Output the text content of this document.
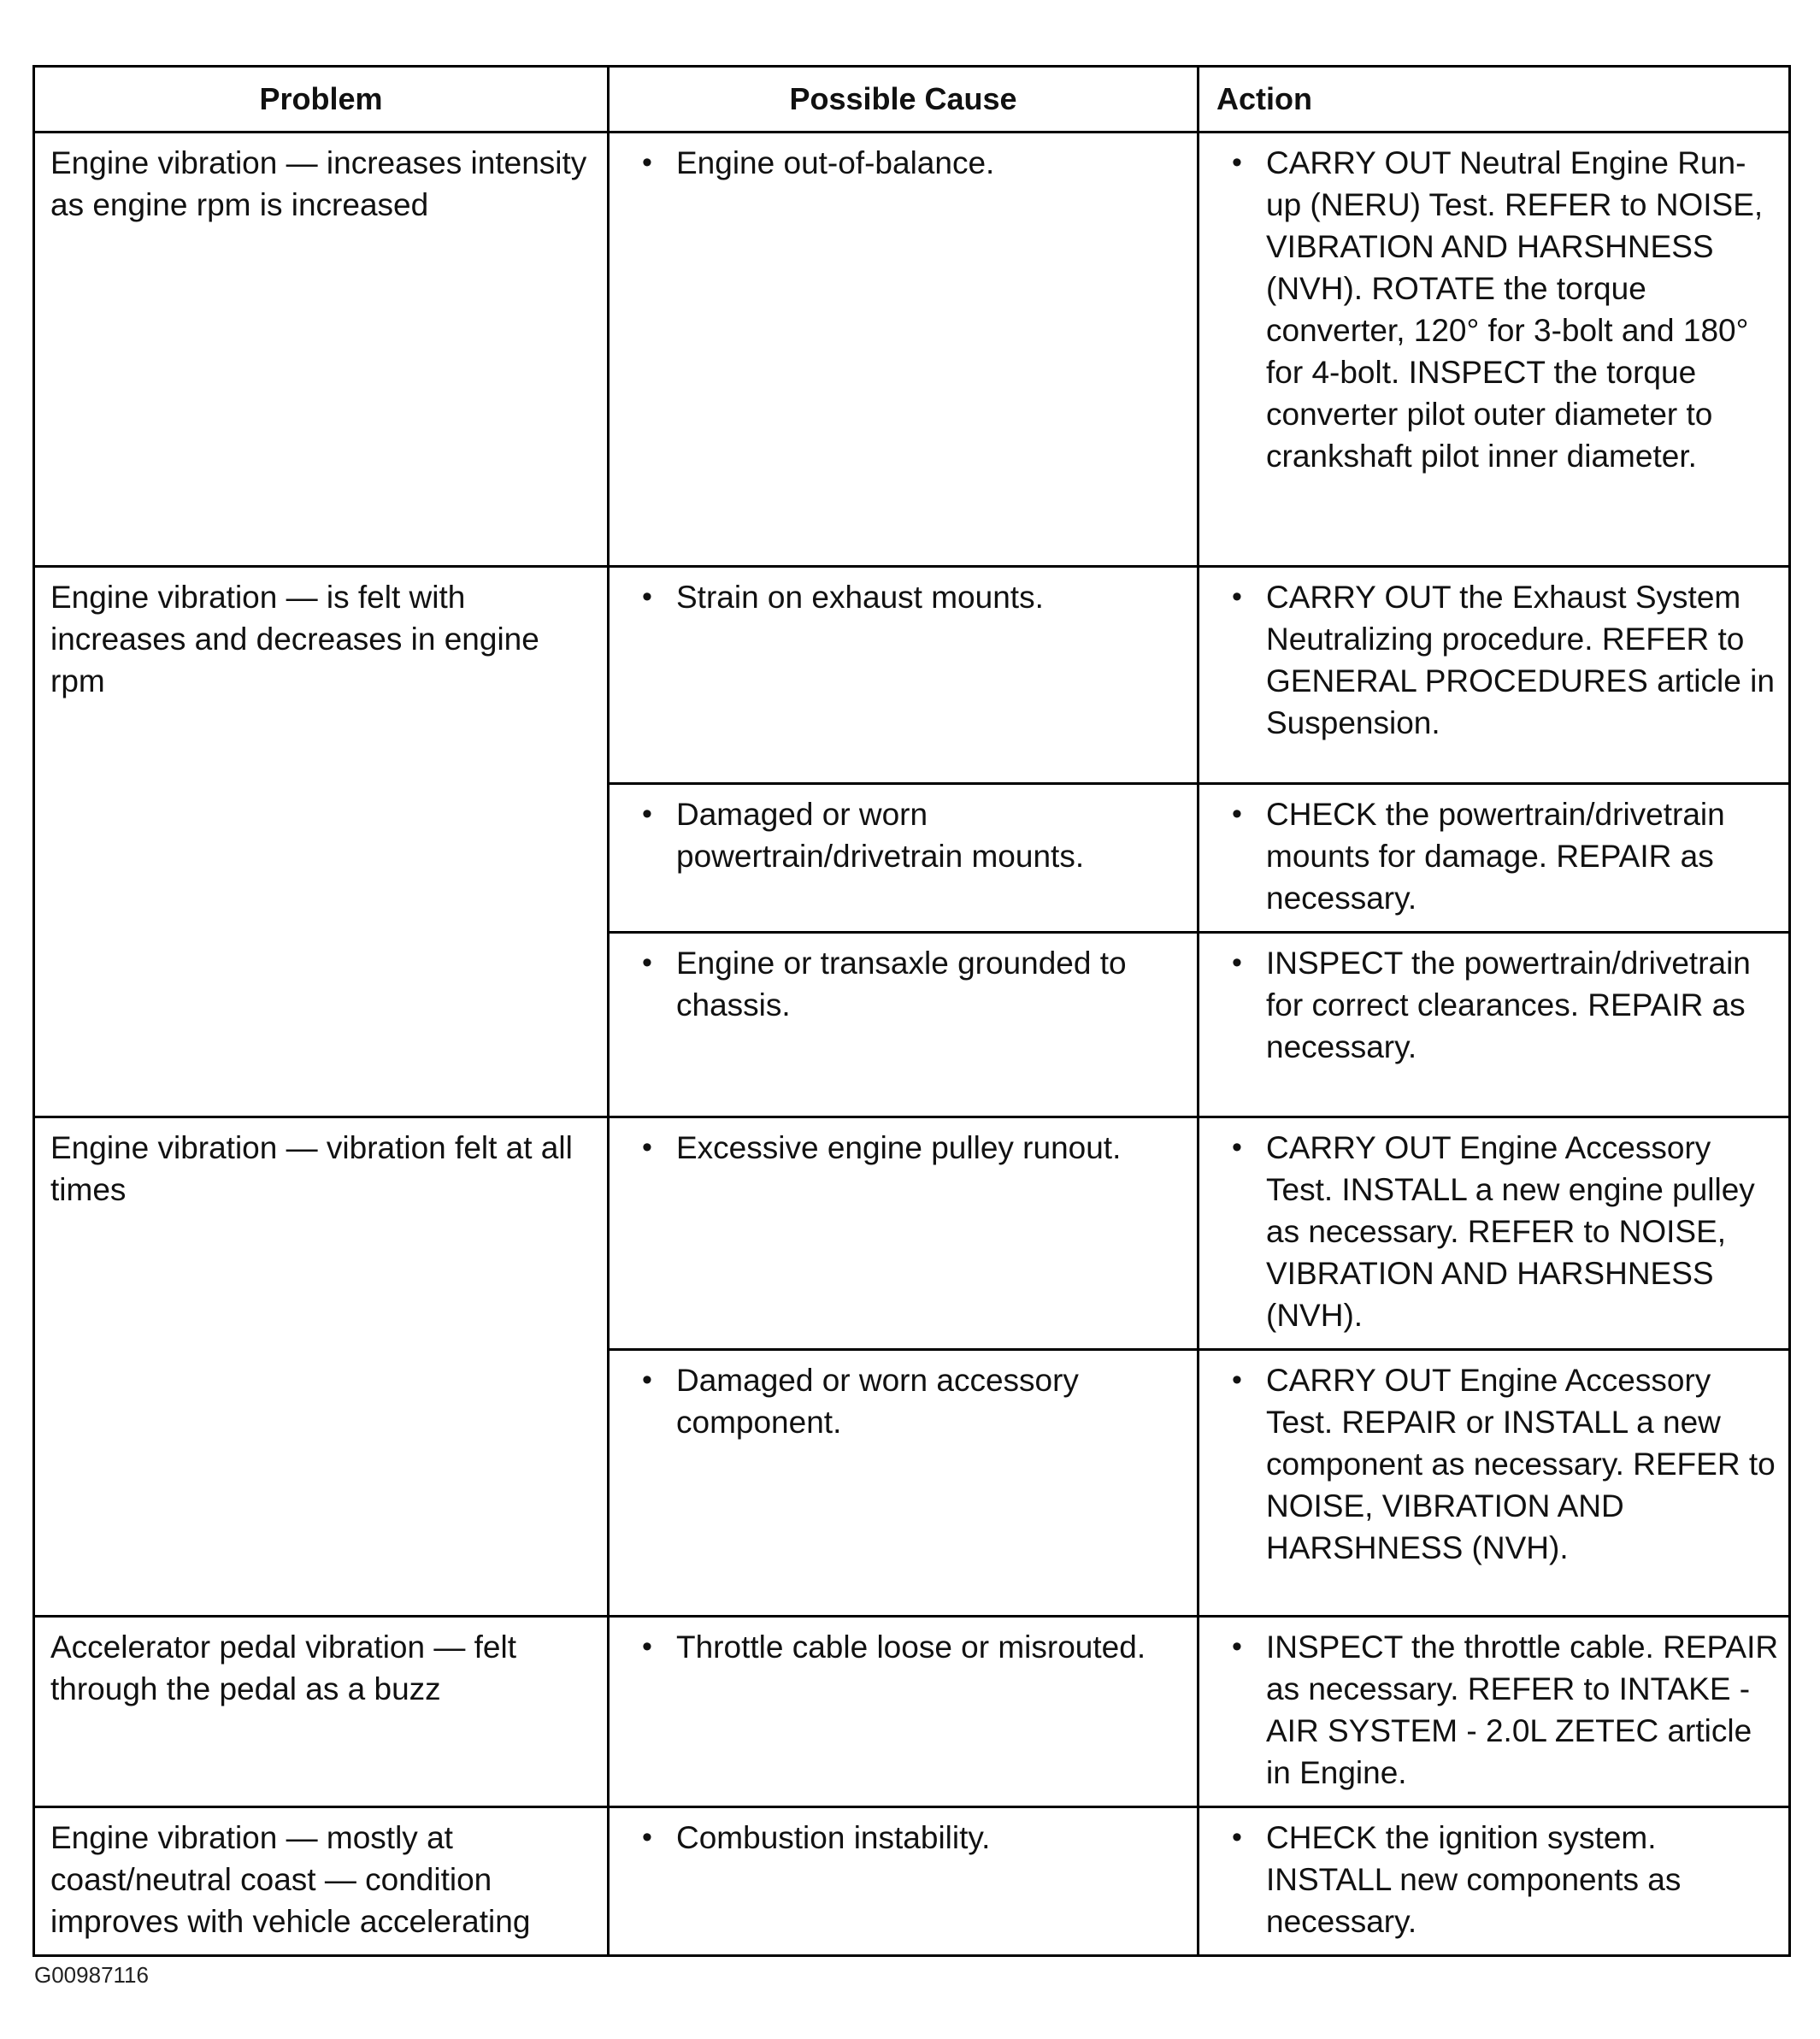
Problem	Possible Cause	Action
Engine vibration — increases intensity as engine rpm is increased	• Engine out-of-balance.	• CARRY OUT Neutral Engine Run-up (NERU) Test. REFER to NOISE, VIBRATION AND HARSHNESS (NVH). ROTATE the torque converter, 120° for 3-bolt and 180° for 4-bolt. INSPECT the torque converter pilot outer diameter to crankshaft pilot inner diameter.

Engine vibration — is felt with increases and decreases in engine rpm	• Strain on exhaust mounts.	• CARRY OUT the Exhaust System Neutralizing procedure. REFER to GENERAL PROCEDURES article in Suspension.

	• Damaged or worn powertrain/drivetrain mounts.	• CHECK the powertrain/drivetrain mounts for damage. REPAIR as necessary.

	• Engine or transaxle grounded to chassis.	• INSPECT the powertrain/drivetrain for correct clearances. REPAIR as necessary.

Engine vibration — vibration felt at all times	• Excessive engine pulley runout.	• CARRY OUT Engine Accessory Test. INSTALL a new engine pulley as necessary. REFER to NOISE, VIBRATION AND HARSHNESS (NVH).

	• Damaged or worn accessory component.	• CARRY OUT Engine Accessory Test. REPAIR or INSTALL a new component as necessary. REFER to NOISE, VIBRATION AND HARSHNESS (NVH).

Accelerator pedal vibration — felt through the pedal as a buzz	• Throttle cable loose or misrouted.	• INSPECT the throttle cable. REPAIR as necessary. REFER to INTAKE - AIR SYSTEM - 2.0L ZETEC article in Engine.

Engine vibration — mostly at coast/neutral coast — condition improves with vehicle accelerating	• Combustion instability.	• CHECK the ignition system. INSTALL new components as necessary.
G00987116
